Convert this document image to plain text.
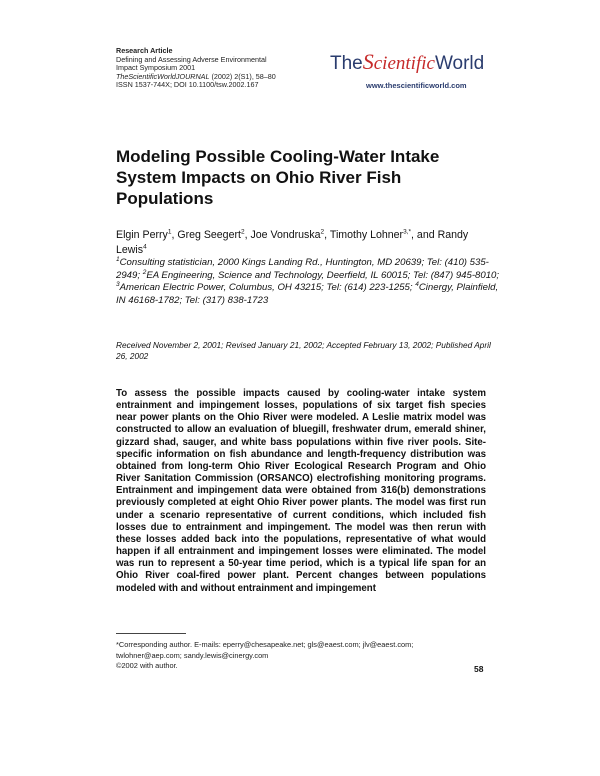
Research Article
Defining and Assessing Adverse Environmental
Impact Symposium 2001
TheScientificWorldJOURNAL (2002) 2(S1), 58–80
ISSN 1537-744X; DOI 10.1100/tsw.2002.167
TheScientificWorld
www.thescientificworld.com
Modeling Possible Cooling-Water Intake System Impacts on Ohio River Fish Populations
Elgin Perry$^1$, Greg Seegert$^2$, Joe Vondruska$^2$, Timothy Lohner$^{3,*}$, and Randy Lewis$^4$
$^1$Consulting statistician, 2000 Kings Landing Rd., Huntington, MD 20639; Tel: (410) 535-2949; $^2$EA Engineering, Science and Technology, Deerfield, IL 60015; Tel: (847) 945-8010; $^3$American Electric Power, Columbus, OH 43215; Tel: (614) 223-1255; $^4$Cinergy, Plainfield, IN 46168-1782; Tel: (317) 838-1723
Received November 2, 2001; Revised January 21, 2002; Accepted February 13, 2002; Published April 26, 2002

To assess the possible impacts caused by cooling-water intake system entrainment and impingement losses, populations of six target fish species near power plants on the Ohio River were modeled. A Leslie matrix model was constructed to allow an evaluation of bluegill, freshwater drum, emerald shiner, gizzard shad, sauger, and white bass populations within five river pools. Site-specific information on fish abundance and length-frequency distribution was obtained from long-term Ohio River Ecological Research Program and Ohio River Sanitation Commission (ORSANCO) electrofishing monitoring programs. Entrainment and impingement data were obtained from 316(b) demonstrations previously completed at eight Ohio River power plants. The model was first run under a scenario representative of current conditions, which included fish losses due to entrainment and impingement. The model was then rerun with these losses added back into the populations, representative of what would happen if all entrainment and impingement losses were eliminated. The model was run to represent a 50-year time period, which is a typical life span for an Ohio River coal-fired power plant. Percent changes between populations modeled with and without entrainment and impingement

*Corresponding author. E-mails: eperry@chesapeake.net; gls@eaest.com; jlv@eaest.com;
twlohner@aep.com; sandy.lewis@cinergy.com
©2002 with author.	58
